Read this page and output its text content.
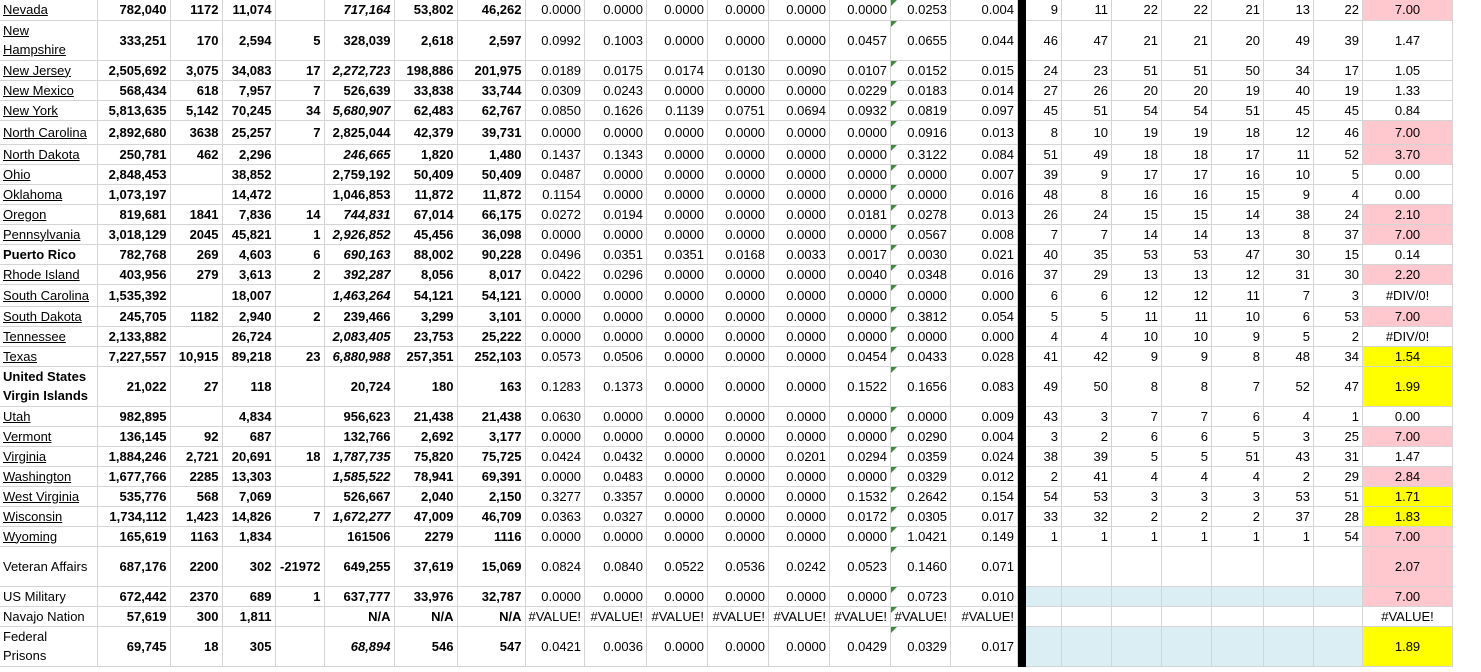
Nevada	782,040	1172	11,074		717,164	53,802	46,262	0.0000	0.0000	0.0000	0.0000	0.0000	0.0000	0.0253	0.004		9	11	22	22	21	13	22	7.00
New Hampshire	333,251	170	2,594	5	328,039	2,618	2,597	0.0992	0.1003	0.0000	0.0000	0.0000	0.0457	0.0655	0.044		46	47	21	21	20	49	39	1.47
New Jersey	2,505,692	3,075	34,083	17	2,272,723	198,886	201,975	0.0189	0.0175	0.0174	0.0130	0.0090	0.0107	0.0152	0.015		24	23	51	51	50	34	17	1.05
New Mexico	568,434	618	7,957	7	526,639	33,838	33,744	0.0309	0.0243	0.0000	0.0000	0.0000	0.0229	0.0183	0.014		27	26	20	20	19	40	19	1.33
New York	5,813,635	5,142	70,245	34	5,680,907	62,483	62,767	0.0850	0.1626	0.1139	0.0751	0.0694	0.0932	0.0819	0.097		45	51	54	54	51	45	45	0.84
North Carolina	2,892,680	3638	25,257	7	2,825,044	42,379	39,731	0.0000	0.0000	0.0000	0.0000	0.0000	0.0000	0.0916	0.013		8	10	19	19	18	12	46	7.00
North Dakota	250,781	462	2,296		246,665	1,820	1,480	0.1437	0.1343	0.0000	0.0000	0.0000	0.0000	0.3122	0.084		51	49	18	18	17	11	52	3.70
Ohio	2,848,453		38,852		2,759,192	50,409	50,409	0.0487	0.0000	0.0000	0.0000	0.0000	0.0000	0.0000	0.007		39	9	17	17	16	10	5	0.00
Oklahoma	1,073,197		14,472		1,046,853	11,872	11,872	0.1154	0.0000	0.0000	0.0000	0.0000	0.0000	0.0000	0.016		48	8	16	16	15	9	4	0.00
Oregon	819,681	1841	7,836	14	744,831	67,014	66,175	0.0272	0.0194	0.0000	0.0000	0.0000	0.0181	0.0278	0.013		26	24	15	15	14	38	24	2.10
Pennsylvania	3,018,129	2045	45,821	1	2,926,852	45,456	36,098	0.0000	0.0000	0.0000	0.0000	0.0000	0.0000	0.0567	0.008		7	7	14	14	13	8	37	7.00
Puerto Rico	782,768	269	4,603	6	690,163	88,002	90,228	0.0496	0.0351	0.0351	0.0168	0.0033	0.0017	0.0030	0.021		40	35	53	53	47	30	15	0.14
Rhode Island	403,956	279	3,613	2	392,287	8,056	8,017	0.0422	0.0296	0.0000	0.0000	0.0000	0.0040	0.0348	0.016		37	29	13	13	12	31	30	2.20
South Carolina	1,535,392		18,007		1,463,264	54,121	54,121	0.0000	0.0000	0.0000	0.0000	0.0000	0.0000	0.0000	0.000		6	6	12	12	11	7	3	#DIV/0!
South Dakota	245,705	1182	2,940	2	239,466	3,299	3,101	0.0000	0.0000	0.0000	0.0000	0.0000	0.0000	0.3812	0.054		5	5	11	11	10	6	53	7.00
Tennessee	2,133,882		26,724		2,083,405	23,753	25,222	0.0000	0.0000	0.0000	0.0000	0.0000	0.0000	0.0000	0.000		4	4	10	10	9	5	2	#DIV/0!
Texas	7,227,557	10,915	89,218	23	6,880,988	257,351	252,103	0.0573	0.0506	0.0000	0.0000	0.0000	0.0454	0.0433	0.028		41	42	9	9	8	48	34	1.54
United States Virgin Islands	21,022	27	118		20,724	180	163	0.1283	0.1373	0.0000	0.0000	0.0000	0.1522	0.1656	0.083		49	50	8	8	7	52	47	1.99
Utah	982,895		4,834		956,623	21,438	21,438	0.0630	0.0000	0.0000	0.0000	0.0000	0.0000	0.0000	0.009		43	3	7	7	6	4	1	0.00
Vermont	136,145	92	687		132,766	2,692	3,177	0.0000	0.0000	0.0000	0.0000	0.0000	0.0000	0.0290	0.004		3	2	6	6	5	3	25	7.00
Virginia	1,884,246	2,721	20,691	18	1,787,735	75,820	75,725	0.0424	0.0432	0.0000	0.0000	0.0201	0.0294	0.0359	0.024		38	39	5	5	51	43	31	1.47
Washington	1,677,766	2285	13,303		1,585,522	78,941	69,391	0.0000	0.0483	0.0000	0.0000	0.0000	0.0000	0.0329	0.012		2	41	4	4	4	2	29	2.84
West Virginia	535,776	568	7,069		526,667	2,040	2,150	0.3277	0.3357	0.0000	0.0000	0.0000	0.1532	0.2642	0.154		54	53	3	3	3	53	51	1.71
Wisconsin	1,734,112	1,423	14,826	7	1,672,277	47,009	46,709	0.0363	0.0327	0.0000	0.0000	0.0000	0.0172	0.0305	0.017		33	32	2	2	2	37	28	1.83
Wyoming	165,619	1163	1,834		161506	2279	1116	0.0000	0.0000	0.0000	0.0000	0.0000	0.0000	1.0421	0.149		1	1	1	1	1	1	54	7.00
Veteran Affairs	687,176	2200	302	-21972	649,255	37,619	15,069	0.0824	0.0840	0.0522	0.0536	0.0242	0.0523	0.1460	0.071									2.07
US Military	672,442	2370	689	1	637,777	33,976	32,787	0.0000	0.0000	0.0000	0.0000	0.0000	0.0000	0.0723	0.010									7.00
Navajo Nation	57,619	300	1,811		N/A	N/A	N/A	#VALUE!	#VALUE!	#VALUE!	#VALUE!	#VALUE!	#VALUE!	#VALUE!	#VALUE!									#VALUE!
Federal Prisons	69,745	18	305		68,894	546	547	0.0421	0.0036	0.0000	0.0000	0.0000	0.0429	0.0329	0.017									1.89
